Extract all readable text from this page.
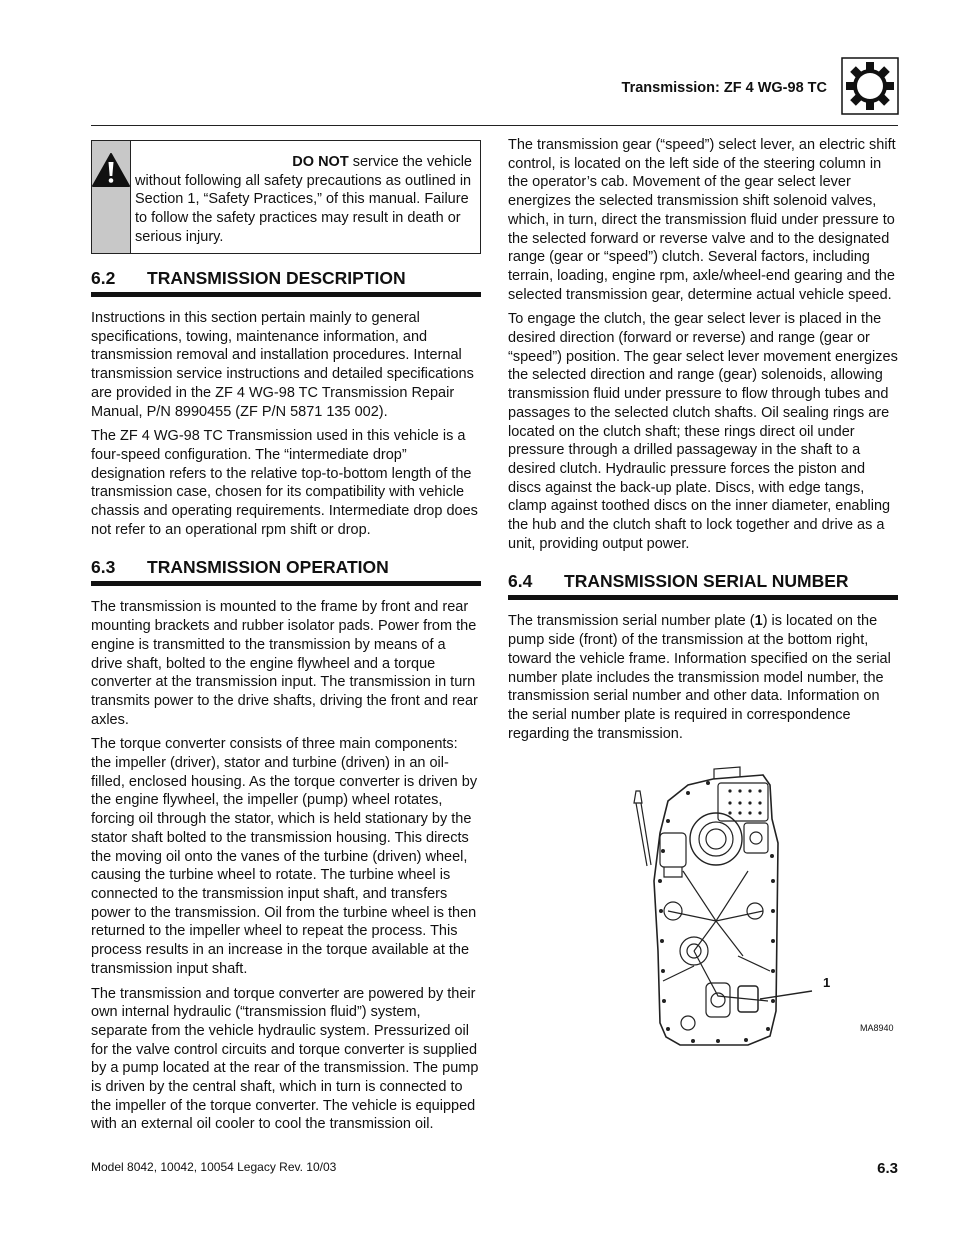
Transmission: ZF 4 WG-98 TC
DO NOT service the vehicle
without following all safety precautions as outlined in Section 1, “Safety Practices,” of this manual. Failure to follow the safety practices may result in death or serious injury.
6.2	TRANSMISSION DESCRIPTION

Instructions in this section pertain mainly to general specifications, towing, maintenance information, and transmission removal and installation procedures. Internal transmission service instructions and detailed specifications are provided in the ZF 4 WG-98 TC Transmission Repair Manual, P/N 8990455 (ZF P/N 5871 135 002).

The ZF 4 WG-98 TC Transmission used in this vehicle is a four-speed configuration. The “intermediate drop” designation refers to the relative top-to-bottom length of the transmission case, chosen for its compatibility with vehicle chassis and operating requirements. Intermediate drop does not refer to an operational rpm shift or drop.

6.3	TRANSMISSION OPERATION

The transmission is mounted to the frame by front and rear mounting brackets and rubber isolator pads. Power from the engine is transmitted to the transmission by means of a drive shaft, bolted to the engine flywheel and a torque converter at the transmission input. The transmission in turn transmits power to the drive shafts, driving the front and rear axles.

The torque converter consists of three main components: the impeller (driver), stator and turbine (driven) in an oil-filled, enclosed housing. As the torque converter is driven by the engine flywheel, the impeller (pump) wheel rotates, forcing oil through the stator, which is held stationary by the stator shaft bolted to the transmission housing. This directs the moving oil onto the vanes of the turbine (driven) wheel, causing the turbine wheel to rotate. The turbine wheel is connected to the transmission input shaft, and transfers power to the transmission. Oil from the turbine wheel is then returned to the impeller wheel to repeat the process. This process results in an increase in the torque available at the transmission input shaft.

The transmission and torque converter are powered by their own internal hydraulic (“transmission fluid”) system, separate from the vehicle hydraulic system. Pressurized oil for the valve control circuits and torque converter is supplied by a pump located at the rear of the transmission. The pump is driven by the central shaft, which in turn is connected to the impeller of the torque converter. The vehicle is equipped with an external oil cooler to cool the transmission oil.

The transmission gear (“speed”) select lever, an electric shift control, is located on the left side of the steering column in the operator’s cab. Movement of the gear select lever energizes the selected transmission shift solenoid valves, which, in turn, direct the transmission fluid under pressure to the selected forward or reverse valve and to the designated range (gear or “speed”) clutch. Several factors, including terrain, loading, engine rpm, axle/wheel-end gearing and the selected transmission gear, determine actual vehicle speed.

To engage the clutch, the gear select lever is placed in the desired direction (forward or reverse) and range (gear or “speed”) position. The gear select lever movement energizes the selected direction and range (gear) solenoids, allowing transmission fluid under pressure to flow through tubes and passages to the selected clutch shafts. Oil sealing rings are located on the clutch shaft; these rings direct oil under pressure through a drilled passageway in the shaft to a desired clutch. Hydraulic pressure forces the piston and discs against the back-up plate. Discs, with edge tangs, clamp against toothed discs on the inner diameter, enabling the hub and the clutch shaft to lock together and drive as a unit, providing output power.

6.4	TRANSMISSION SERIAL NUMBER

The transmission serial number plate (1) is located on the pump side (front) of the transmission at the bottom right, toward the vehicle frame. Information specified on the serial number plate includes the transmission model number, the transmission serial number and other data. Information on the serial number plate is required in correspondence regarding the transmission.

1
MA8940
Model 8042, 10042, 10054 Legacy Rev. 10/03	6.3
